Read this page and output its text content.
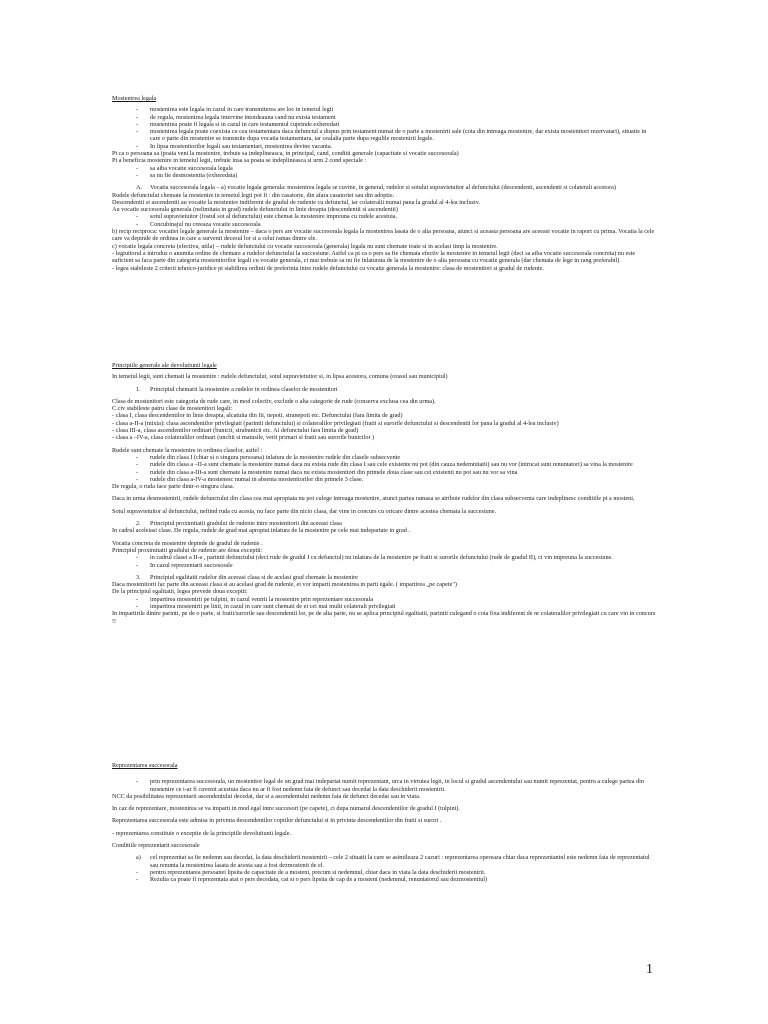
Mostenirea legala
- mostenirea este legala in cazul in care transmiterea are loc in temeiul legii
- de regula, mostenirea legala intervine intotdeauna cand nu exista testament
- mostenirea poate fi legala si in cazul in care testamentul cuprinde exheredari
- mostenirea legala poate coexista cu cea testamentara daca defunctul a dispus prin testament numai de o parte a mostenirii sale (cota din intreaga mostenire, dar exista mostenitori rezervatari), situatie in care o parte din mostenire se transmite dupa vocatia testamentara, iar cealalta parte dupa regulile mostenirii legale.
- In lipsa mostenitorilor legali sau testamentari, mostenirea devine vacanta.
Pt ca o persoana sa (poata veni la mostenire, trebuie sa indeplineasca, in principal, cand, conditii generale (capacitate si vocatie succesorala)
Pt a beneficia mostenire in temeiul legii, trebuie insa sa poata se indeplineasca si urm 2 cond speciale :
- sa aiba vocatie succesorala legala
- sa nu fie desmostenita (exheredata)
A. Vocatia succesorala legala – a) vocatie legala generala: mostenirea legala se cuvine, in general, rudelor si sotului supravietuitor al defunctului (descendenti, ascendenti si colaterali acestora)
Rudele defunctului chemate la mostenire in temeiul legii pot fi : din casatorie, din afara casatoriei sau din adoptie.
Descendentii si ascendentii au vocatie la mostenire indiferent de gradul de rudenie cu defunctul, iar colateralii numai pana la gradul al 4-lea inclusiv.
Au vocatie succesorala generala (nelimitata in grad) rudele defunctului in linie dreapta (descendentii si ascendentii)
- sotul supravietuitor (fostul sot al defunctului) este chemat la mostenire impreuna cu rudele acestuia.
- Concubinajul nu creeaza vocatie succesorala
b) recip reciproca: vocatiei legale generale la mostenire – daca o pers are vocatie succesorala legala la mostenirea lasata de o alta persoana, atunci si aceasta persoana are aceeasi vocatie in raport cu prima. Vocatia la cele care va depinde de ordinea in care a survenit decesul lor si a celui ramas dintre ele.
c) vocatie legala concreta (efectiva, utila) – rudele defunctului cu vocatie succesorala (generala) legala nu sunt chemate toate si in acelasi timp la mostenire.
- legiuitorul a introdus o anumita ordine de chemare a rudelor defunctului la succesiune. Astfel ca pt ca o pers sa fie chemata efectiv la mostenire in temeiul legii (deci sa aiba vocatie succesorala concreta) nu este suficient sa faca parte din categoria mostenitorilor legali cu vocatie generala, ci mai trebuie sa nu fie inlaturata de la mostenire de o alta persoana cu vocatie generala (dar chemata de lege in rang preferabil)
- legea stabileste 2 criterii tehnico-juridice pt stabilirea ordinii de preferinta intre rudele defunctului cu vocatie generala la mostenire: clasa de mostenitori si gradul de rudenie.
Principiile generale ale devolutiunii legale
In temeiul legii, sunt chemati la mostenire : rudele defunctului, sotul supravietuitor si, in lipsa acestora, comuna (orasul sau municipiul)
1. Principiul chemarii la mostenire a rudelor in ordinea claselor de mostenitori
Clasa de mostenitori este categoria de rude care, in mod colectiv, exclude o alta categorie de rude (conserva exclusa cea din urma).
C.civ stabileste patru clase de mostenitori legali:
- clasa I, clasa descendentilor in linie dreapta, alcatuita din fii, nepoti, stranepoti etc. Defunctului (fara limita de grad)
- clasa a-II-a (mixta): clasa ascendentilor privilegiati (parintii defunctului) si colateralilor privilegiati (fratii si surorile defunctului si descendentii lor pana la gradul al 4-lea inclusiv)
- clasa III-a, clasa ascendentilor ordinari (bunicii, strabunicii etc. Ai defunctului fara limita de grad)
- clasa a –IV-a, clasa colateralilor ordinari (unchii si matusile, verii primari si fratii sau surorile bunicilor )
Rudele sunt chemate la mostenire in ordinea claselor, astfel :
- rudele din clasa I (chiar si o singura persoana) inlatura de la mostenire rudele din clasele subsecvente
- rudele din clasa a –II-a sunt chemate la mostenire numai daca nu exista rude din clasa I sau cele existente nu pot (din cauza nedemnitatii) sau nu vor (intrucat sunt renuntatori) sa vina la mostenire
- rudele din clasa a-III-a sunt chemate la mostenire numai daca nu exista mostenitori din primele doua clase sau cei existenti nu pot sau nu vor sa vina
- rudele din clasa a-IV-a mostenesc numai in absenta mostenitorilor din primele 3 clase.
De regula, o ruda face parte dintr-o singura clasa.
Daca in urma desmostenirii, rudele defunctului din clasa cea mai apropiata nu pot culege intreaga mostenire, atunci partea ramasa se atribuie rudelor din clasa subsecventa care indeplinesc conditiile pt a mosteni.
Sotul supravietuitor al defunctului, nefiind ruda cu acesta, nu face parte din nicio clasa, dar vine in concurs cu oricare dintre acestea chemata la succesiune.
2. Principiul proximitatii gradului de rudenie intre mostenitorii din aceeasi clasa
In cadrul aceleiasi clase. De regula, rudele de grad mai apropiat inlatura de la mostenire pe cele mai indepartate in grad .
Vocatia concreta de mostenire depinde de gradul de rudenie .
Principiul proximitatii gradului de rudenie are doua exceptii:
- in cadrul clasei a II-a , parintii defunctului (deci rude de gradul I cu defunctul) nu inlatura de la mostenire pe fratii si surorile defunctului (rude de gradul II), ci vin impreuna la succesiune.
- In cazul reprezentarii succesorale
3. Principiul egalitatii rudelor din aceeasi clasa si de acelasi grad chemate la mostenire
Daca mostenitorii fac parte din aceeasi clasa si au acelasi grad de rudenie, ei vor imparti mostenirea in parti egale. ( impartirea „pe capete")
De la principiul egalitatii, legea prevede doua exceptii:
- impartirea mostenirii pe tulpini, in cazul venirii la mostenire prin reprezentare succesorala
- impartirea mostenirii pe linii, in cazul in care sunt chemati de ei cei mai multi colaterali privilegiati
In impartirile dintre parinti, pe de o parte, si fratii/surorile sau descendentii lor, pe de alta parte, nu se aplica principiul egalitatii, parintii culegand o cota fixa indiferent de nr colateralilor privilegiati cu care vin in concurs !!
Reprezentarea succesorala
- prin reprezentarea succesorala, un mostenitor legal de un grad mai indepartat numit reprezentant, urca in virtutea legii, in locul si gradul ascendentului sau numit reprezentat, pentru a culege partea din mostenire ce i-ar fi cuvenit acestuia daca nu ar fi fost nedemn fata de defunct sau decedat la data deschiderii mostenirii.
NCC da posibilitatea reprezentarii ascendentului decedat, dar si a ascendentului nedemn fata de defunct decedat sau in viata.
In caz de reprezentare, mostenirea se va imparti in mod egal intre succesori (pe capete), ci dupa numarul descendentilor de gradul I (tulpini).
Reprezentarea succesorala este admisa in privinta descendentilor copiilor defunctului si in privinta descendentilor din fratii si surori .
- reprezentarea constituie o exceptie de la principiile devolutiunii legale.
Conditiile reprezentarii succesorale
a) cel reprezentat sa fie nedemn sau decedat, la data deschiderii mostenirii – cele 2 situatii la care se asimileaza 2 cazuri : reprezentarea opereaza chiar daca reprezentantul este nedemn fata de reprezentatul sau renunta la mostenirea lasata de acesta sau a fost dezmostenit de el.
- pentru reprezentarea persoanei lipsita de capacitate de a mosteni, precum si nedemnul, chiar daca in viata la data deschiderii mostenirii.
- Rezulta ca poate fi reprezentata atat o pers decedata, cat si o pers lipsita de cap de a mosteni (nedemnul, renuntatorul sau dezmostenitul)
1
